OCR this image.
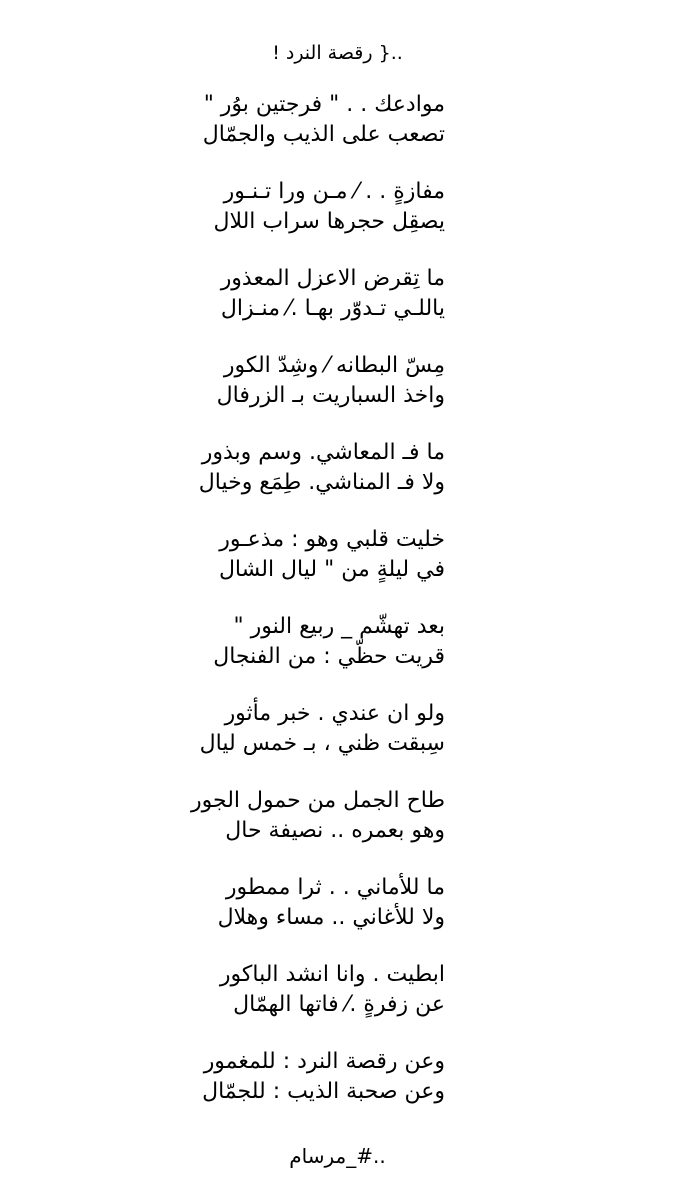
..{ رقصة النرد !
موادعك . . " فرجتين بوُر "
تصعب على الذيب والجمّال
مفازةٍ . . ⁄ مـن ورا تـنـور
يصقِل حجرها سراب اللال
ما تِقرض الاعزل المعذور
ياللـي تـدوّر بهـا .⁄ منـزال
مِسّ البطانه ⁄ وشِدّ الكور
واخذ السباريت بـ الزرفال
ما فـ المعاشي. وسم وبذور
ولا فـ المناشي. طِمَع وخيال
خليت قلبي وهو : مذعـور
في ليلةٍ من " ليال الشال
بعد تهشّم _ ربيع النور "
قريت حظّي : من الفنجال
ولو ان عندي . خبر مأثور
سِبقت ظني ، بـ خمس ليال
طاح الجمل من حمول الجور
وهو بعمره .. نصيفة حال
ما للأماني . . ثرا ممطور
ولا للأغاني .. مساء وهلال
ابطيت . وانا انشد الباكور
عن زفرةٍ .⁄ فاتها الهمّال
وعن رقصة النرد : للمغمور
وعن صحبة الذيب : للجمّال
..#_مرسام
